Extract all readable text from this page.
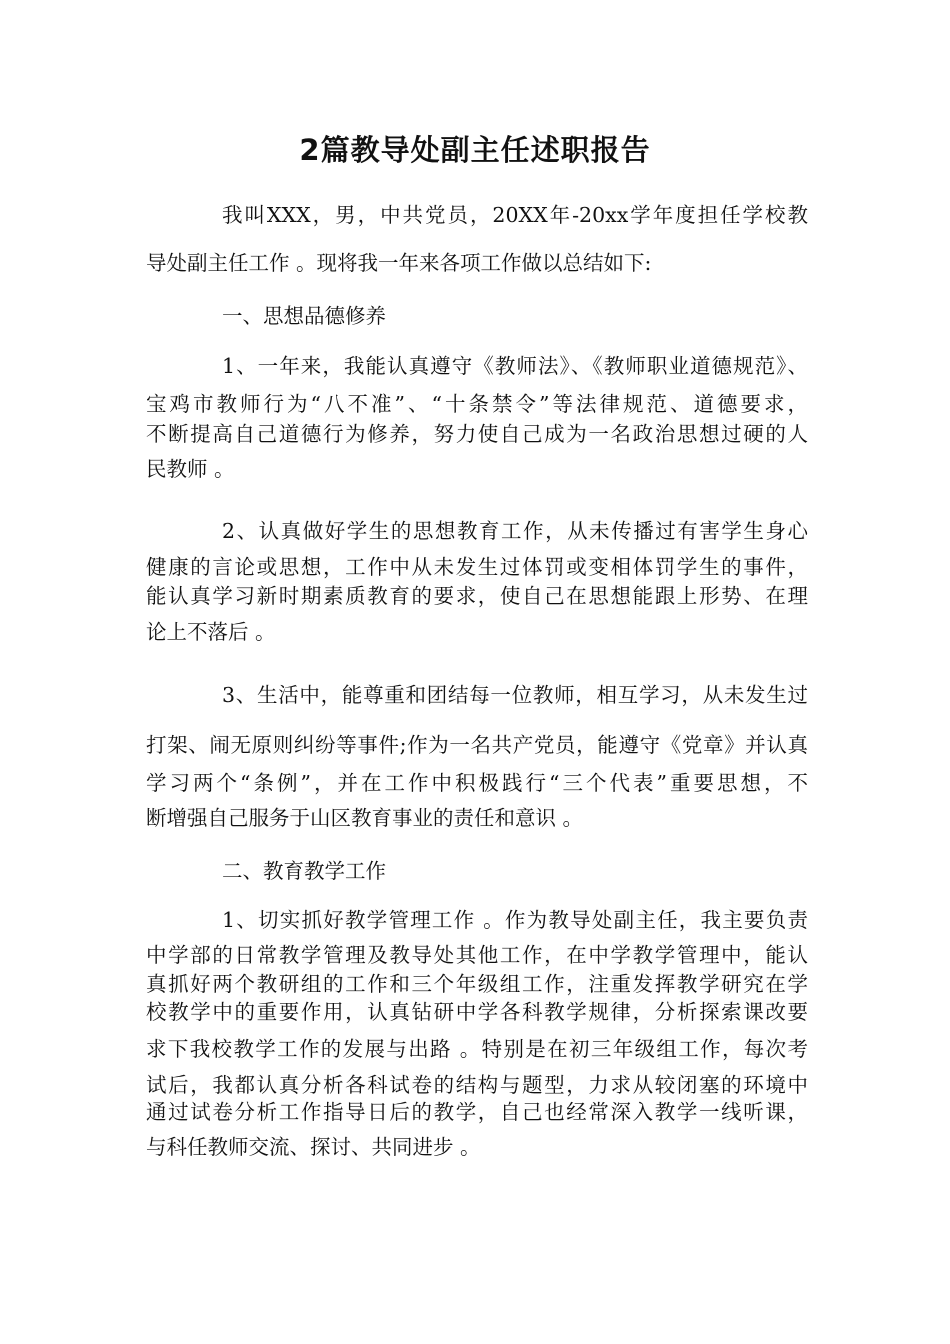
2篇教导处副主任述职报告
我叫XXX，男，中共党员，20XX年-20xx学年度担任学校教
导处副主任工作 。现将我一年来各项工作做以总结如下:
一、思想品德修养
1、一年来，我能认真遵守《教师法》、《教师职业道德规范》、
宝鸡市教师行为“八不准”、“十条禁令”等法律规范、道德要求，
不断提高自己道德行为修养，努力使自己成为一名政治思想过硬的人
民教师 。
2、认真做好学生的思想教育工作，从未传播过有害学生身心
健康的言论或思想，工作中从未发生过体罚或变相体罚学生的事件，
能认真学习新时期素质教育的要求，使自己在思想能跟上形势、在理
论上不落后 。
3、生活中，能尊重和团结每一位教师，相互学习，从未发生过
打架、闹无原则纠纷等事件;作为一名共产党员，能遵守《党章》并认真
学习两个“条例”，并在工作中积极践行“三个代表”重要思想，不
断增强自己服务于山区教育事业的责任和意识 。
二、教育教学工作
1、切实抓好教学管理工作 。作为教导处副主任，我主要负责
中学部的日常教学管理及教导处其他工作，在中学教学管理中，能认
真抓好两个教研组的工作和三个年级组工作，注重发挥教学研究在学
校教学中的重要作用，认真钻研中学各科教学规律，分析探索课改要
求下我校教学工作的发展与出路 。特别是在初三年级组工作，每次考
试后，我都认真分析各科试卷的结构与题型，力求从较闭塞的环境中
通过试卷分析工作指导日后的教学，自己也经常深入教学一线听课，
与科任教师交流、探讨、共同进步 。
